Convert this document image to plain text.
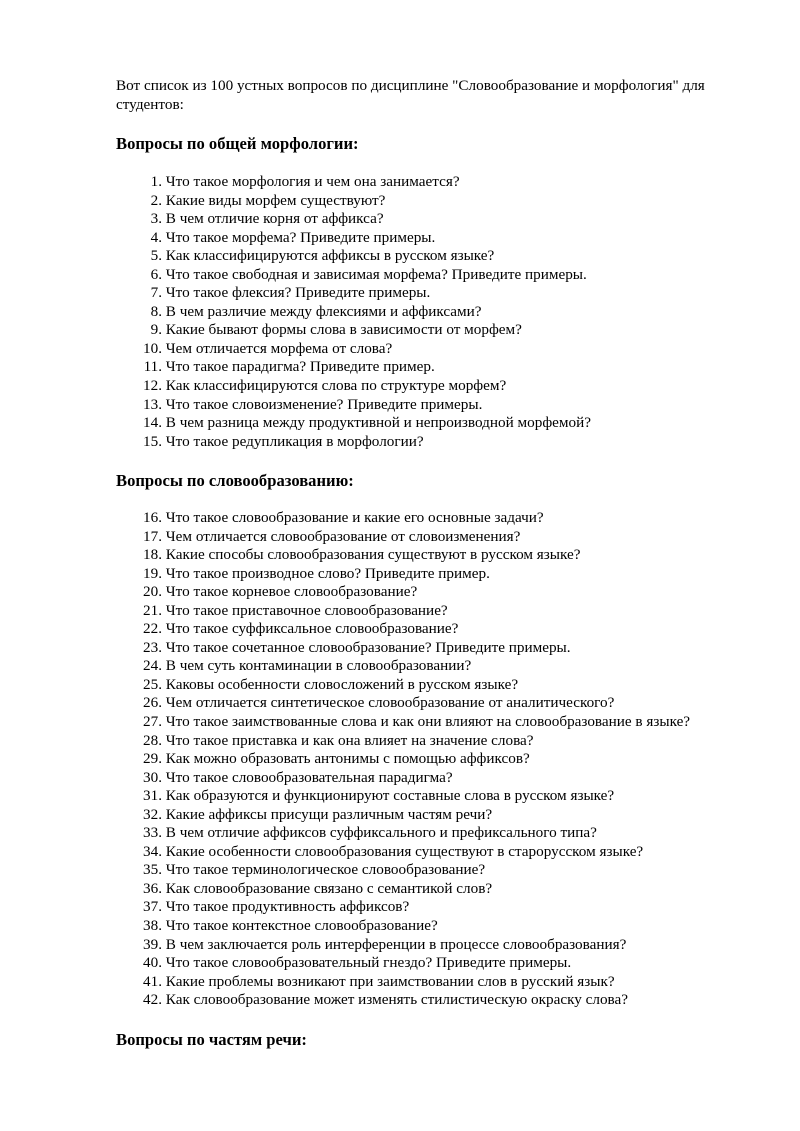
Вот список из 100 устных вопросов по дисциплине "Словообразование и морфология" для студентов:

Вопросы по общей морфологии:
1. Что такое морфология и чем она занимается?
2. Какие виды морфем существуют?
3. В чем отличие корня от аффикса?
4. Что такое морфема? Приведите примеры.
5. Как классифицируются аффиксы в русском языке?
6. Что такое свободная и зависимая морфема? Приведите примеры.
7. Что такое флексия? Приведите примеры.
8. В чем различие между флексиями и аффиксами?
9. Какие бывают формы слова в зависимости от морфем?
10. Чем отличается морфема от слова?
11. Что такое парадигма? Приведите пример.
12. Как классифицируются слова по структуре морфем?
13. Что такое словоизменение? Приведите примеры.
14. В чем разница между продуктивной и непроизводной морфемой?
15. Что такое редупликация в морфологии?
Вопросы по словообразованию:
16. Что такое словообразование и какие его основные задачи?
17. Чем отличается словообразование от словоизменения?
18. Какие способы словообразования существуют в русском языке?
19. Что такое производное слово? Приведите пример.
20. Что такое корневое словообразование?
21. Что такое приставочное словообразование?
22. Что такое суффиксальное словообразование?
23. Что такое сочетанное словообразование? Приведите примеры.
24. В чем суть контаминации в словообразовании?
25. Каковы особенности словосложений в русском языке?
26. Чем отличается синтетическое словообразование от аналитического?
27. Что такое заимствованные слова и как они влияют на словообразование в языке?
28. Что такое приставка и как она влияет на значение слова?
29. Как можно образовать антонимы с помощью аффиксов?
30. Что такое словообразовательная парадигма?
31. Как образуются и функционируют составные слова в русском языке?
32. Какие аффиксы присущи различным частям речи?
33. В чем отличие аффиксов суффиксального и префиксального типа?
34. Какие особенности словообразования существуют в старорусском языке?
35. Что такое терминологическое словообразование?
36. Как словообразование связано с семантикой слов?
37. Что такое продуктивность аффиксов?
38. Что такое контекстное словообразование?
39. В чем заключается роль интерференции в процессе словообразования?
40. Что такое словообразовательный гнездо? Приведите примеры.
41. Какие проблемы возникают при заимствовании слов в русский язык?
42. Как словообразование может изменять стилистическую окраску слова?
Вопросы по частям речи:
